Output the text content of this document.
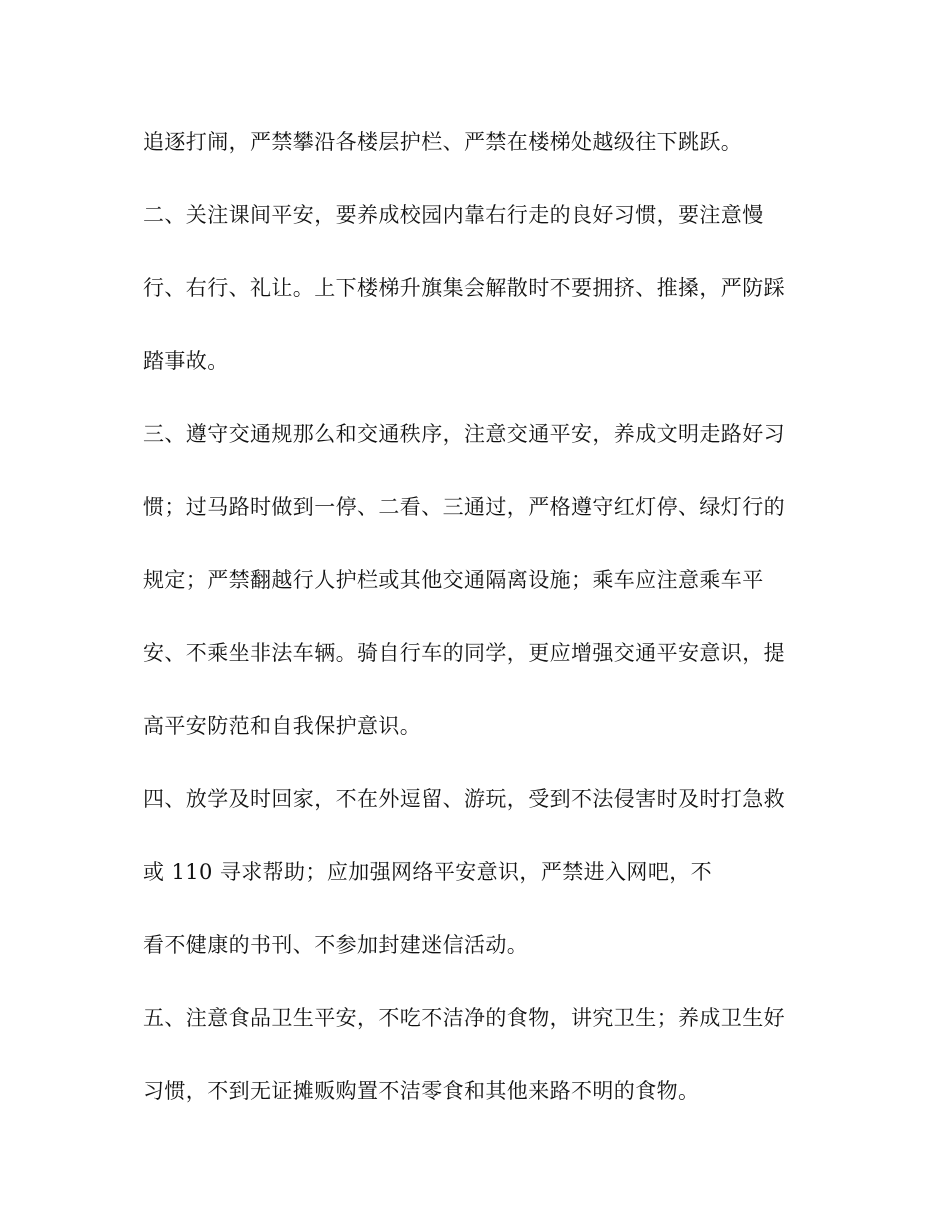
追逐打闹，严禁攀沿各楼层护栏、严禁在楼梯处越级往下跳跃。

二、关注课间平安，要养成校园内靠右行走的良好习惯，要注意慢

行、右行、礼让。上下楼梯升旗集会解散时不要拥挤、推搡，严防踩

踏事故。

三、遵守交通规那么和交通秩序，注意交通平安，养成文明走路好习

惯；过马路时做到一停、二看、三通过，严格遵守红灯停、绿灯行的

规定；严禁翻越行人护栏或其他交通隔离设施；乘车应注意乘车平

安、不乘坐非法车辆。骑自行车的同学，更应增强交通平安意识，提

高平安防范和自我保护意识。

四、放学及时回家，不在外逗留、游玩，受到不法侵害时及时打急救

或 110 寻求帮助；应加强网络平安意识，严禁进入网吧，不

看不健康的书刊、不参加封建迷信活动。

五、注意食品卫生平安，不吃不洁净的食物，讲究卫生；养成卫生好

习惯，不到无证摊贩购置不洁零食和其他来路不明的食物。
